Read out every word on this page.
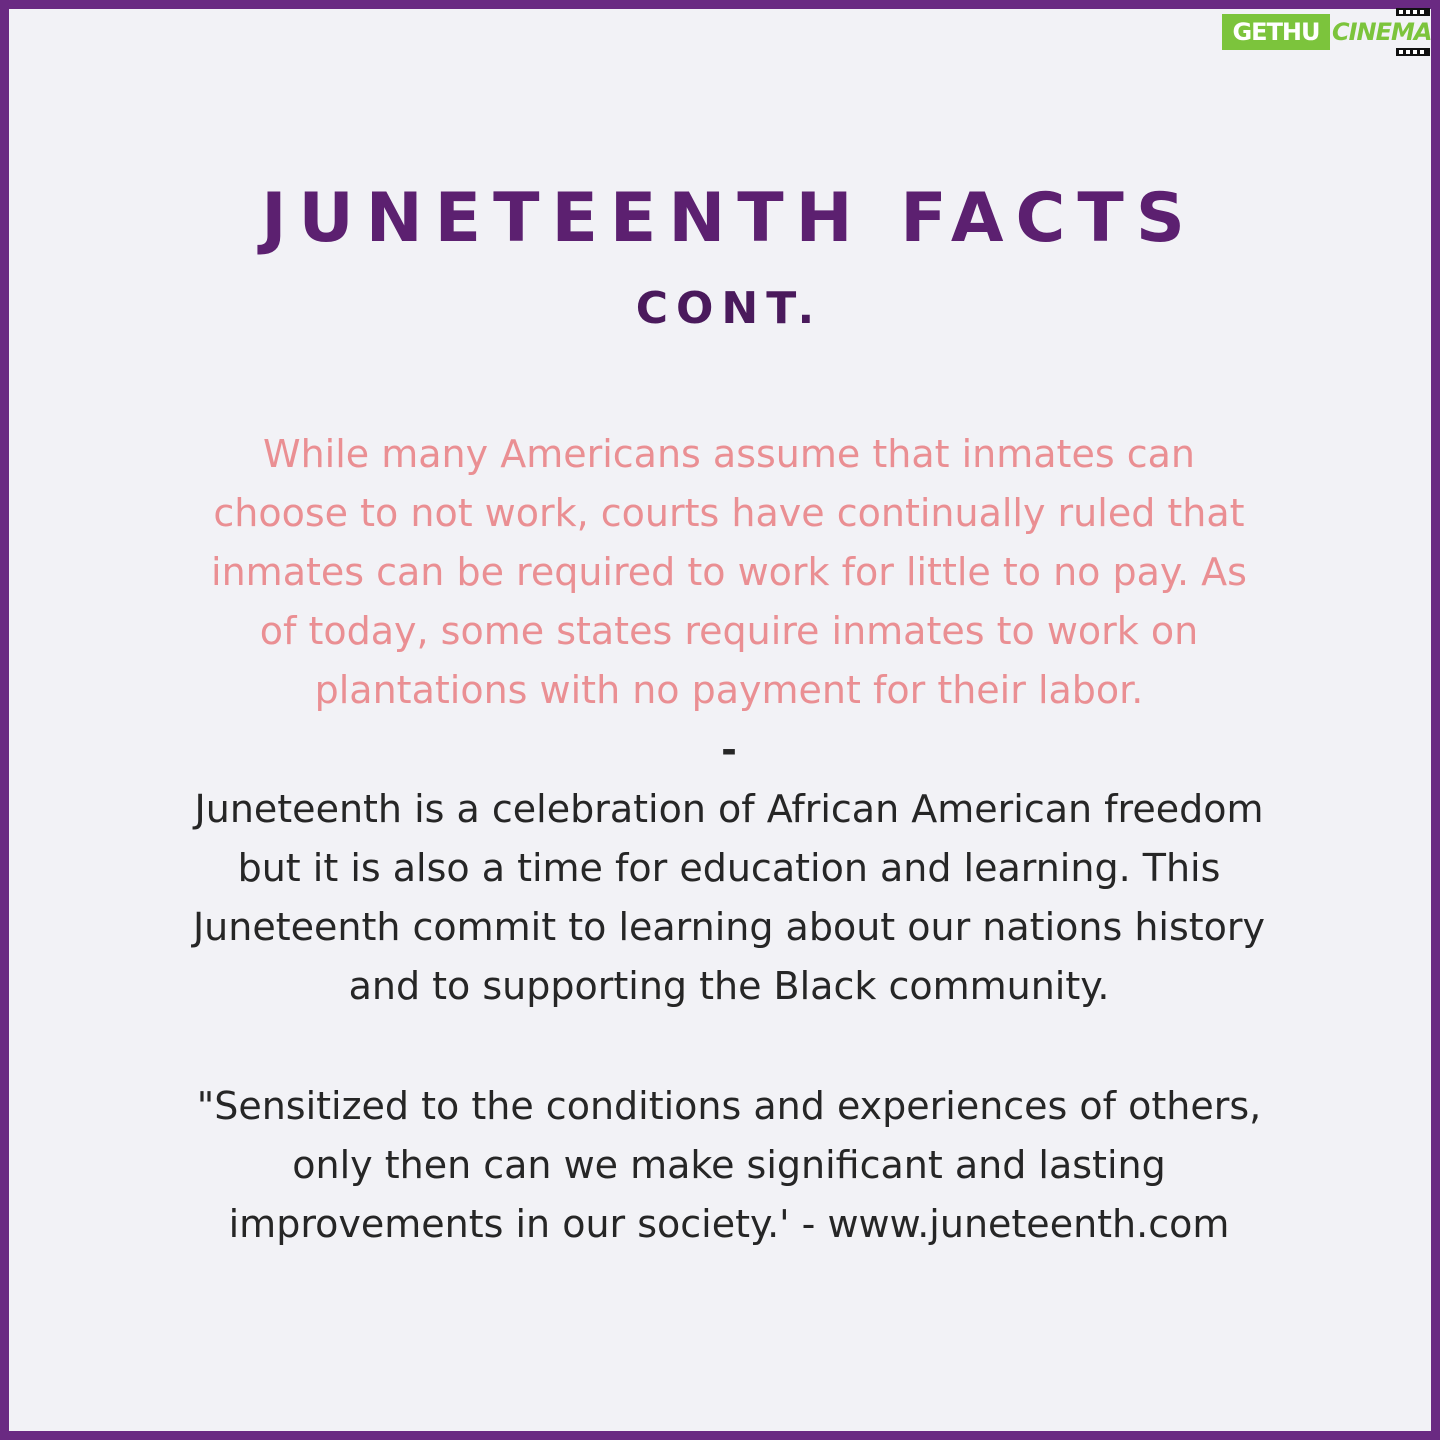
JUNETEENTH FACTS
CONT.

While many Americans assume that inmates can
choose to not work, courts have continually ruled that
inmates can be required to work for little to no pay. As
of today, some states require inmates to work on
plantations with no payment for their labor.

-

Juneteenth is a celebration of African American freedom
but it is also a time for education and learning. This
Juneteenth commit to learning about our nations history
and to supporting the Black community.

"Sensitized to the conditions and experiences of others,
only then can we make significant and lasting
improvements in our society.' - www.juneteenth.com

GETHU CINEMA
